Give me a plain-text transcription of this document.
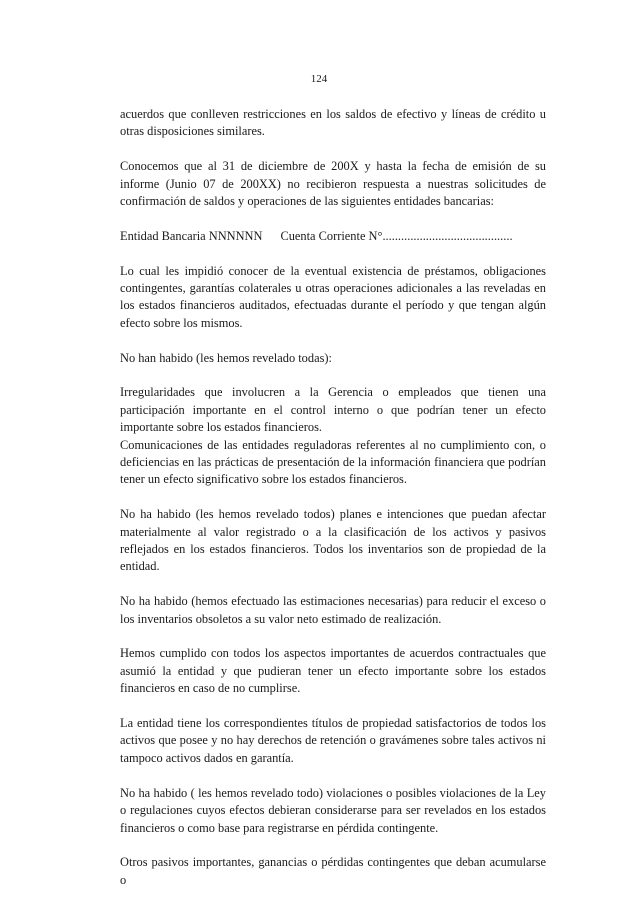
124

acuerdos que conlleven restricciones en los saldos de efectivo y líneas de crédito u otras disposiciones similares.

Conocemos que al 31 de diciembre de 200X y hasta la fecha de emisión de su informe (Junio 07 de 200XX) no recibieron respuesta a nuestras solicitudes de confirmación de saldos y operaciones de las siguientes entidades bancarias:

Entidad Bancaria NNNNNN Cuenta Corriente N°..........................................

Lo cual les impidió conocer de la eventual existencia de préstamos, obligaciones contingentes, garantías colaterales u otras operaciones adicionales a las reveladas en los estados financieros auditados, efectuadas durante el período y que tengan algún efecto sobre los mismos.

No han habido (les hemos revelado todas):

Irregularidades que involucren a la Gerencia o empleados que tienen una participación importante en el control interno o que podrían tener un efecto importante sobre los estados financieros.

Comunicaciones de las entidades reguladoras referentes al no cumplimiento con, o deficiencias en las prácticas de presentación de la información financiera que podrían tener un efecto significativo sobre los estados financieros.

No ha habido (les hemos revelado todos) planes e intenciones que puedan afectar materialmente al valor registrado o a la clasificación de los activos y pasivos reflejados en los estados financieros. Todos los inventarios son de propiedad de la entidad.

No ha habido (hemos efectuado las estimaciones necesarias) para reducir el exceso o los inventarios obsoletos a su valor neto estimado de realización.

Hemos cumplido con todos los aspectos importantes de acuerdos contractuales que asumió la entidad y que pudieran tener un efecto importante sobre los estados financieros en caso de no cumplirse.

La entidad tiene los correspondientes títulos de propiedad satisfactorios de todos los activos que posee y no hay derechos de retención o gravámenes sobre tales activos ni tampoco activos dados en garantía.

No ha habido ( les hemos revelado todo) violaciones o posibles violaciones de la Ley o regulaciones cuyos efectos debieran considerarse para ser revelados en los estados financieros o como base para registrarse en pérdida contingente.

Otros pasivos importantes, ganancias o pérdidas contingentes que deban acumularse o
